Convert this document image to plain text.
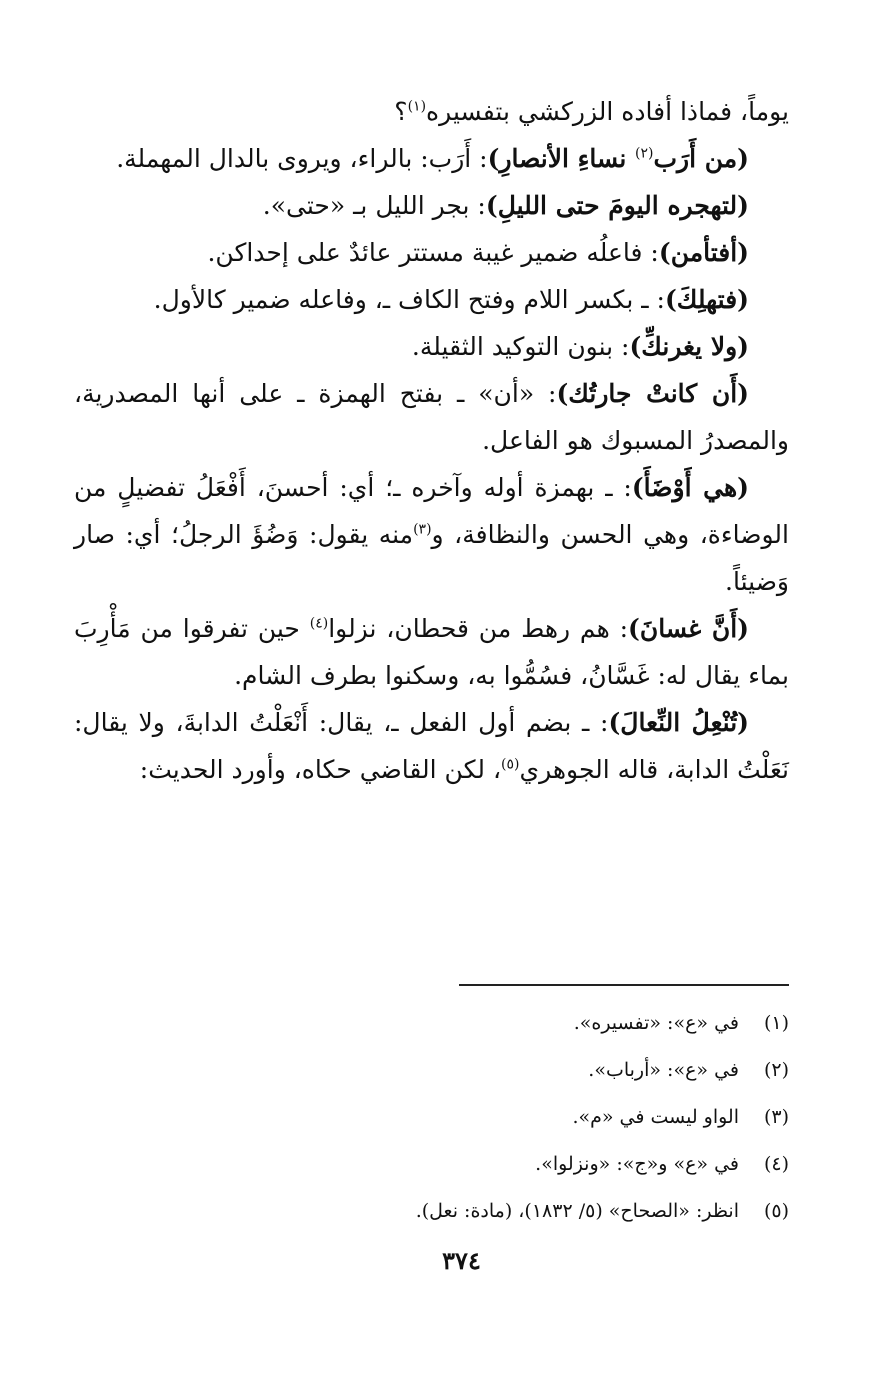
يوماً، فماذا أفاده الزركشي بتفسيره$^{(١)}$؟

(من أَرَب$^{(٢)}$ نساءِ الأنصارِ): أَرَب: بالراء، ويروى بالدال المهملة.

(لتهجره اليومَ حتى الليلِ): بجر الليل بـ «حتى».

(أفتأمن): فاعلُه ضمير غيبة مستتر عائدٌ على إحداكن.

(فتهلِكَ): ـ بكسر اللام وفتح الكاف ـ، وفاعله ضمير كالأول.

(ولا يغرنكِّ): بنون التوكيد الثقيلة.

(أَن كانتْ جارتُك): «أن» ـ بفتح الهمزة ـ على أنها المصدرية، والمصدرُ المسبوك هو الفاعل.

(هي أَوْضَأَ): ـ بهمزة أوله وآخره ـ؛ أي: أحسنَ، أَفْعَلُ تفضيلٍ من الوضاءة، وهي الحسن والنظافة، و$^{(٣)}$منه يقول: وَضُؤَ الرجلُ؛ أي: صار وَضيئاً.

(أَنَّ غسانَ): هم رهط من قحطان، نزلوا$^{(٤)}$ حين تفرقوا من مَأْرِبَ بماء يقال له: غَسَّانُ، فسُمُّوا به، وسكنوا بطرف الشام.

(تُنْعِلُ النِّعالَ): ـ بضم أول الفعل ـ، يقال: أَنْعَلْتُ الدابةَ، ولا يقال: نَعَلْتُ الدابة، قاله الجوهري$^{(٥)}$، لكن القاضي حكاه، وأورد الحديث:

(١)
في «ع»: «تفسيره».
(٢)
في «ع»: «أرباب».
(٣)
الواو ليست في «م».
(٤)
في «ع» و«ج»: «ونزلوا».
(٥)
انظر: «الصحاح» (٥/ ١٨٣٢)، (مادة: نعل).
٣٧٤
